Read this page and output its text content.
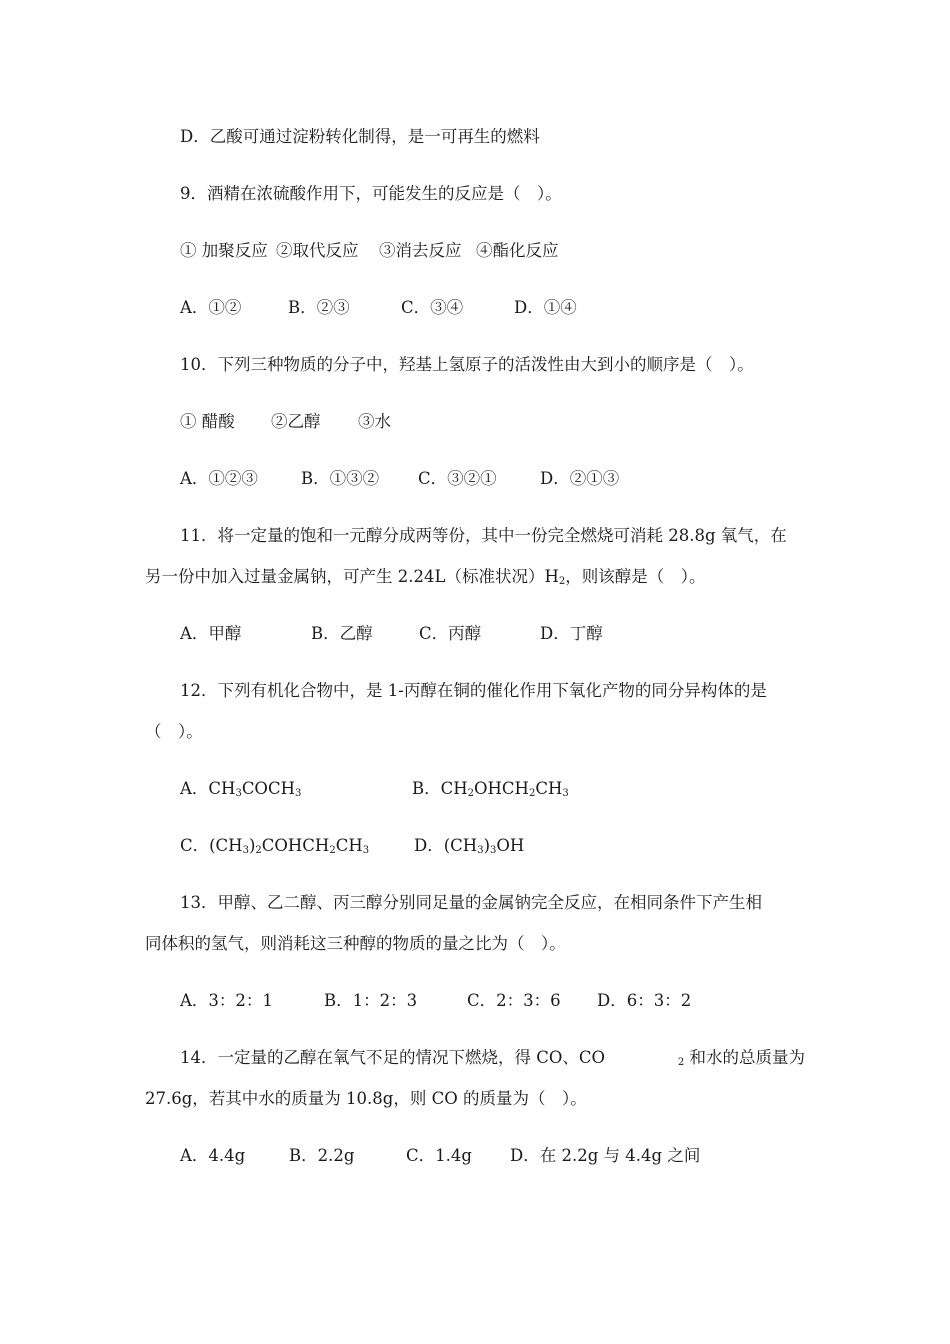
D．乙酸可通过淀粉转化制得，是一可再生的燃料
9．酒精在浓硫酸作用下，可能发生的反应是（　）。
① 加聚反应 ②取代反应 ③消去反应 ④酯化反应
A．①②	B．②③	C．③④	D．①④
10．下列三种物质的分子中，羟基上氢原子的活泼性由大到小的顺序是（　）。
① 醋酸 ②乙醇 ③水
A．①②③	B．①③② C．③②①	D．②①③
11．将一定量的饱和一元醇分成两等份，其中一份完全燃烧可消耗 28.8g 氧气，在
另一份中加入过量金属钠，可产生 2.24L（标准状况）$H_2$，则该醇是（　）。
A．甲醇	B．乙醇	C．丙醇	D．丁醇
12．下列有机化合物中，是 1-丙醇在铜的催化作用下氧化产物的同分异构体的是
（　）。
A．$CH_3COCH_3$	B．$CH_2OHCH_2CH_3$
C．$(CH_3)_2COHCH_2CH_3$	D．$(CH_3)_3OH$
13．甲醇、乙二醇、丙三醇分别同足量的金属钠完全反应，在相同条件下产生相
同体积的氢气，则消耗这三种醇的物质的量之比为（　）。
A．3：2：1	B．1：2：3	C．2：3：6 D．6：3：2
14．一定量的乙醇在氧气不足的情况下燃烧，得 CO、CO	$_2$ 和水的总质量为
27.6g，若其中水的质量为 10.8g，则 CO 的质量为（　）。
A．4.4g	B．2.2g	C．1.4g D．在 2.2g 与 4.4g 之间
